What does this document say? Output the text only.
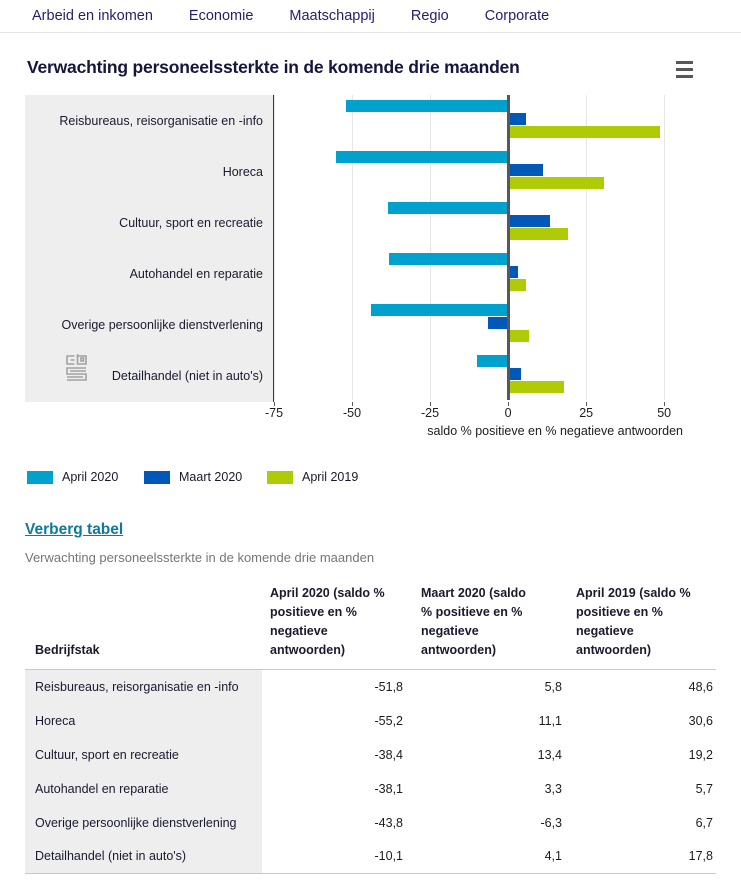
Arbeid en inkomen Economie Maatschappij Regio Corporate
Verwachting personeelssterkte in de komende drie maanden
Reisbureaus, reisorganisatie en -info
Horeca
Cultuur, sport en recreatie
Autohandel en reparatie
Overige persoonlijke dienstverlening
Detailhandel (niet in auto's)
-75	-50	-25	0	25	50
saldo % positieve en % negatieve antwoorden
April 2020	Maart 2020	April 2019
Verberg tabel
Verwachting personeelssterkte in de komende drie maanden
Bedrijfstak	April 2020 (saldo % positieve en % negatieve antwoorden)	Maart 2020 (saldo % positieve en % negatieve antwoorden)	April 2019 (saldo % positieve en % negatieve antwoorden)
Reisbureaus, reisorganisatie en -info	-51,8	5,8	48,6
Horeca	-55,2	11,1	30,6
Cultuur, sport en recreatie	-38,4	13,4	19,2
Autohandel en reparatie	-38,1	3,3	5,7
Overige persoonlijke dienstverlening	-43,8	-6,3	6,7
Detailhandel (niet in auto's)	-10,1	4,1	17,8
